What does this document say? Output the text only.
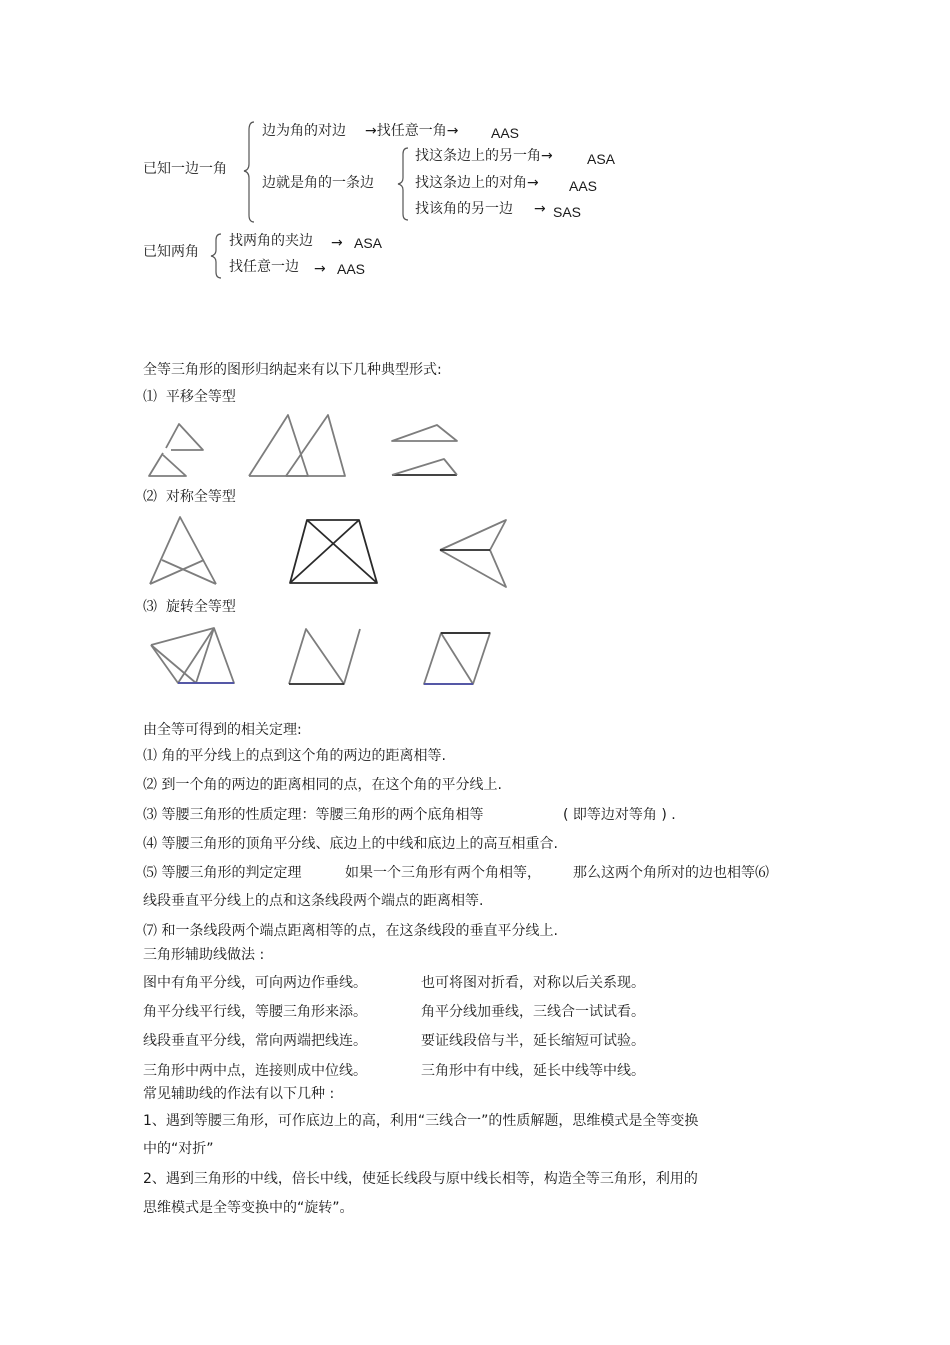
已知一边一角
边为角的对边 →找任意一角→ AAS
边就是角的一条边
找这条边上的另一角→ ASA
找这条边上的对角→ AAS
找该角的另一边 → SAS
已知两角
找两角的夹边 → ASA
找任意一边 → AAS
全等三角形的图形归纳起来有以下几种典型形式:
⑴ 平移全等型
⑵ 对称全等型
⑶ 旋转全等型
由全等可得到的相关定理:
⑴ 角的平分线上的点到这个角的两边的距离相等.
⑵ 到一个角的两边的距离相同的点，在这个角的平分线上.
⑶ 等腰三角形的性质定理：等腰三角形的两个底角相等	( 即等边对等角 ) .
⑷ 等腰三角形的顶角平分线、底边上的中线和底边上的高互相重合.
⑸ 等腰三角形的判定定理	如果一个三角形有两个角相等， 那么这两个角所对的边也相等⑹
线段垂直平分线上的点和这条线段两个端点的距离相等.
⑺ 和一条线段两个端点距离相等的点，在这条线段的垂直平分线上.
三角形辅助线做法 :
图中有角平分线，可向两边作垂线。	也可将图对折看，对称以后关系现。
角平分线平行线，等腰三角形来添。	角平分线加垂线，三线合一试试看。
线段垂直平分线，常向两端把线连。	要证线段倍与半，延长缩短可试验。
三角形中两中点，连接则成中位线。	三角形中有中线，延长中线等中线。
常见辅助线的作法有以下几种 :
1、遇到等腰三角形，可作底边上的高，利用“三线合一”的性质解题，思维模式是全等变换
中的“对折”
2、遇到三角形的中线，倍长中线，使延长线段与原中线长相等，构造全等三角形，利用的
思维模式是全等变换中的“旋转”。
